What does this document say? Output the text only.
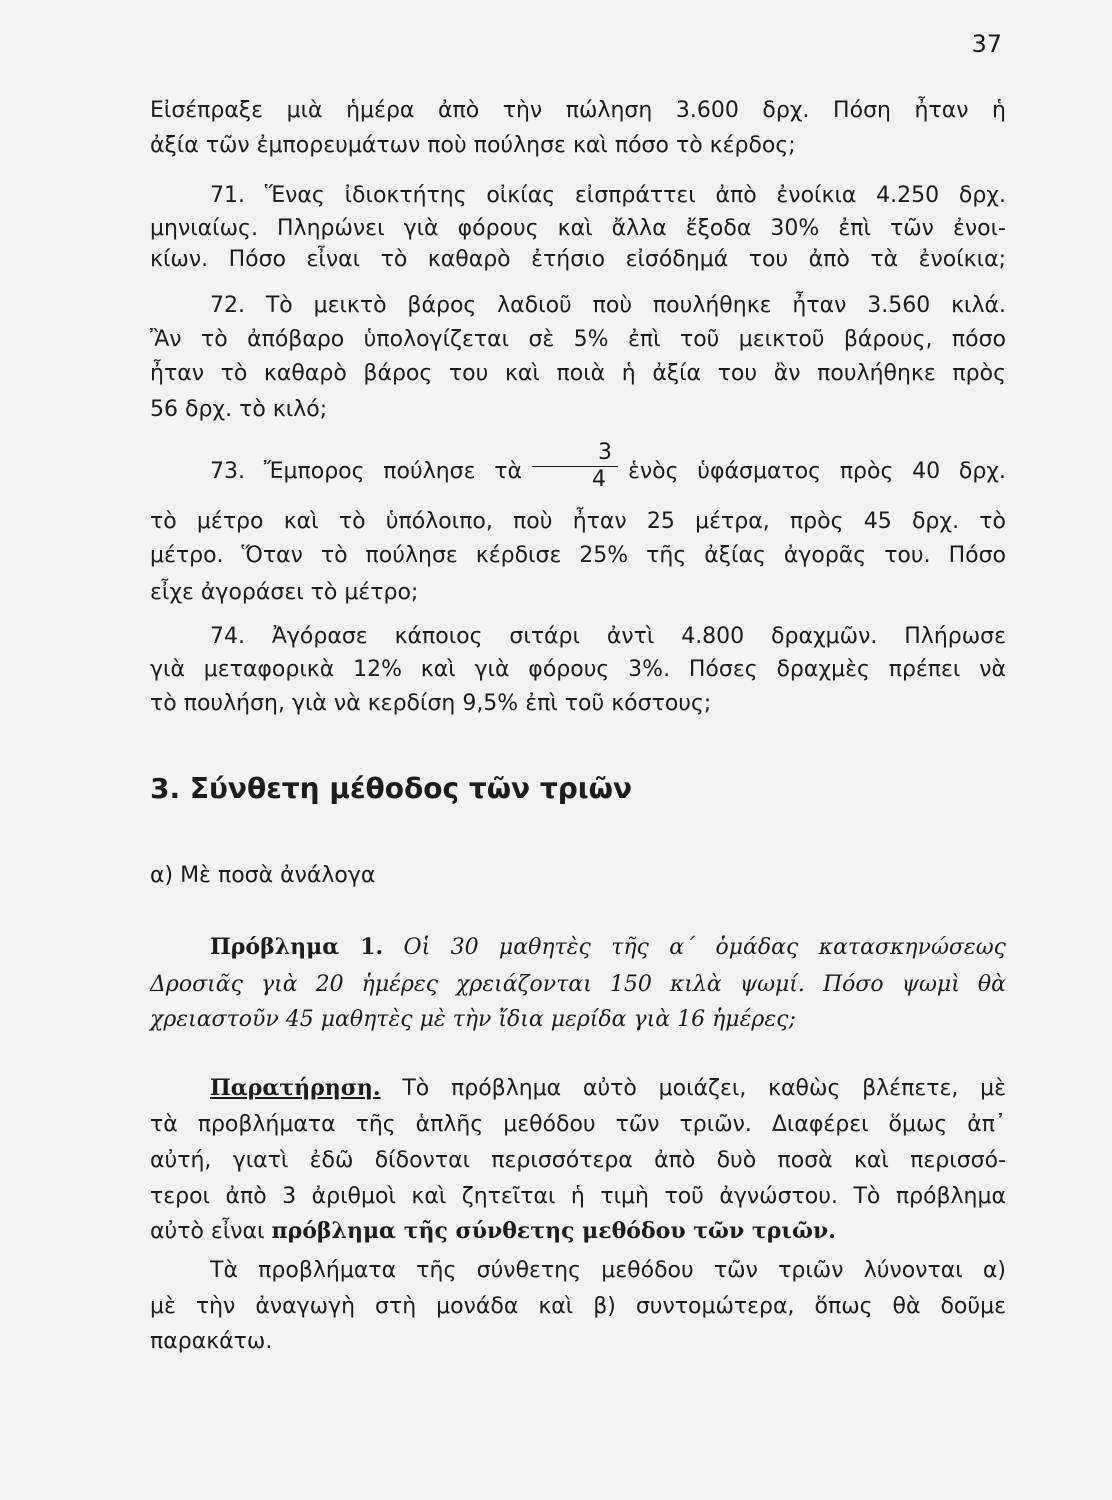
37

Εἰσέπραξε μιὰ ἡμέρα ἀπὸ τὴν πώληση 3.600 δρχ. Πόση ἦταν ἡ

ἀξία τῶν ἐμπορευμάτων ποὺ πούλησε καὶ πόσο τὸ κέρδος;

71. Ἕνας ἰδιοκτήτης οἰκίας εἰσπράττει ἀπὸ ἐνοίκια 4.250 δρχ.

μηνιαίως. Πληρώνει γιὰ φόρους καὶ ἄλλα ἔξοδα 30% ἐπὶ τῶν ἐνοι-

κίων. Πόσο εἶναι τὸ καθαρὸ ἐτήσιο εἰσόδημά του ἀπὸ τὰ ἐνοίκια;

72. Τὸ μεικτὸ βάρος λαδιοῦ ποὺ πουλήθηκε ἦταν 3.560 κιλά.

Ἂν τὸ ἀπόβαρο ὑπολογίζεται σὲ 5% ἐπὶ τοῦ μεικτοῦ βάρους, πόσο

ἦταν τὸ καθαρὸ βάρος του καὶ ποιὰ ἡ ἀξία του ἂν πουλήθηκε πρὸς

56 δρχ. τὸ κιλό;

73. Ἔμπορος πούλησε τὰ $\frac{3}{4}$ ἑνὸς ὑφάσματος πρὸς 40 δρχ.

τὸ μέτρο καὶ τὸ ὑπόλοιπο, ποὺ ἦταν 25 μέτρα, πρὸς 45 δρχ. τὸ

μέτρο. Ὅταν τὸ πούλησε κέρδισε 25% τῆς ἀξίας ἀγορᾶς του. Πόσο

εἶχε ἀγοράσει τὸ μέτρο;

74. Ἀγόρασε κάποιος σιτάρι ἀντὶ 4.800 δραχμῶν. Πλήρωσε

γιὰ μεταφορικὰ 12% καὶ γιὰ φόρους 3%. Πόσες δραχμὲς πρέπει νὰ

τὸ πουλήση, γιὰ νὰ κερδίση 9,5% ἐπὶ τοῦ κόστους;

3. Σύνθετη μέθοδος τῶν τριῶν

α) Μὲ ποσὰ ἀνάλογα

Πρόβλημα 1. Οἱ 30 μαθητὲς τῆς α΄ ὁμάδας κατασκηνώσεως

Δροσιᾶς γιὰ 20 ἡμέρες χρειάζονται 150 κιλὰ ψωμί. Πόσο ψωμὶ θὰ

χρειαστοῦν 45 μαθητὲς μὲ τὴν ἴδια μερίδα γιὰ 16 ἡμέρες;

Παρατήρηση. Τὸ πρόβλημα αὐτὸ μοιάζει, καθὼς βλέπετε, μὲ

τὰ προβλήματα τῆς ἁπλῆς μεθόδου τῶν τριῶν. Διαφέρει ὅμως ἀπ᾽

αὐτή, γιατὶ ἐδῶ δίδονται περισσότερα ἀπὸ δυὸ ποσὰ καὶ περισσό-

τεροι ἀπὸ 3 ἀριθμοὶ καὶ ζητεῖται ἡ τιμὴ τοῦ ἀγνώστου. Τὸ πρόβλημα

αὐτὸ εἶναι πρόβλημα τῆς σύνθετης μεθόδου τῶν τριῶν.

Τὰ προβλήματα τῆς σύνθετης μεθόδου τῶν τριῶν λύνονται α)

μὲ τὴν ἀναγωγὴ στὴ μονάδα καὶ β) συντομώτερα, ὅπως θὰ δοῦμε

παρακάτω.
